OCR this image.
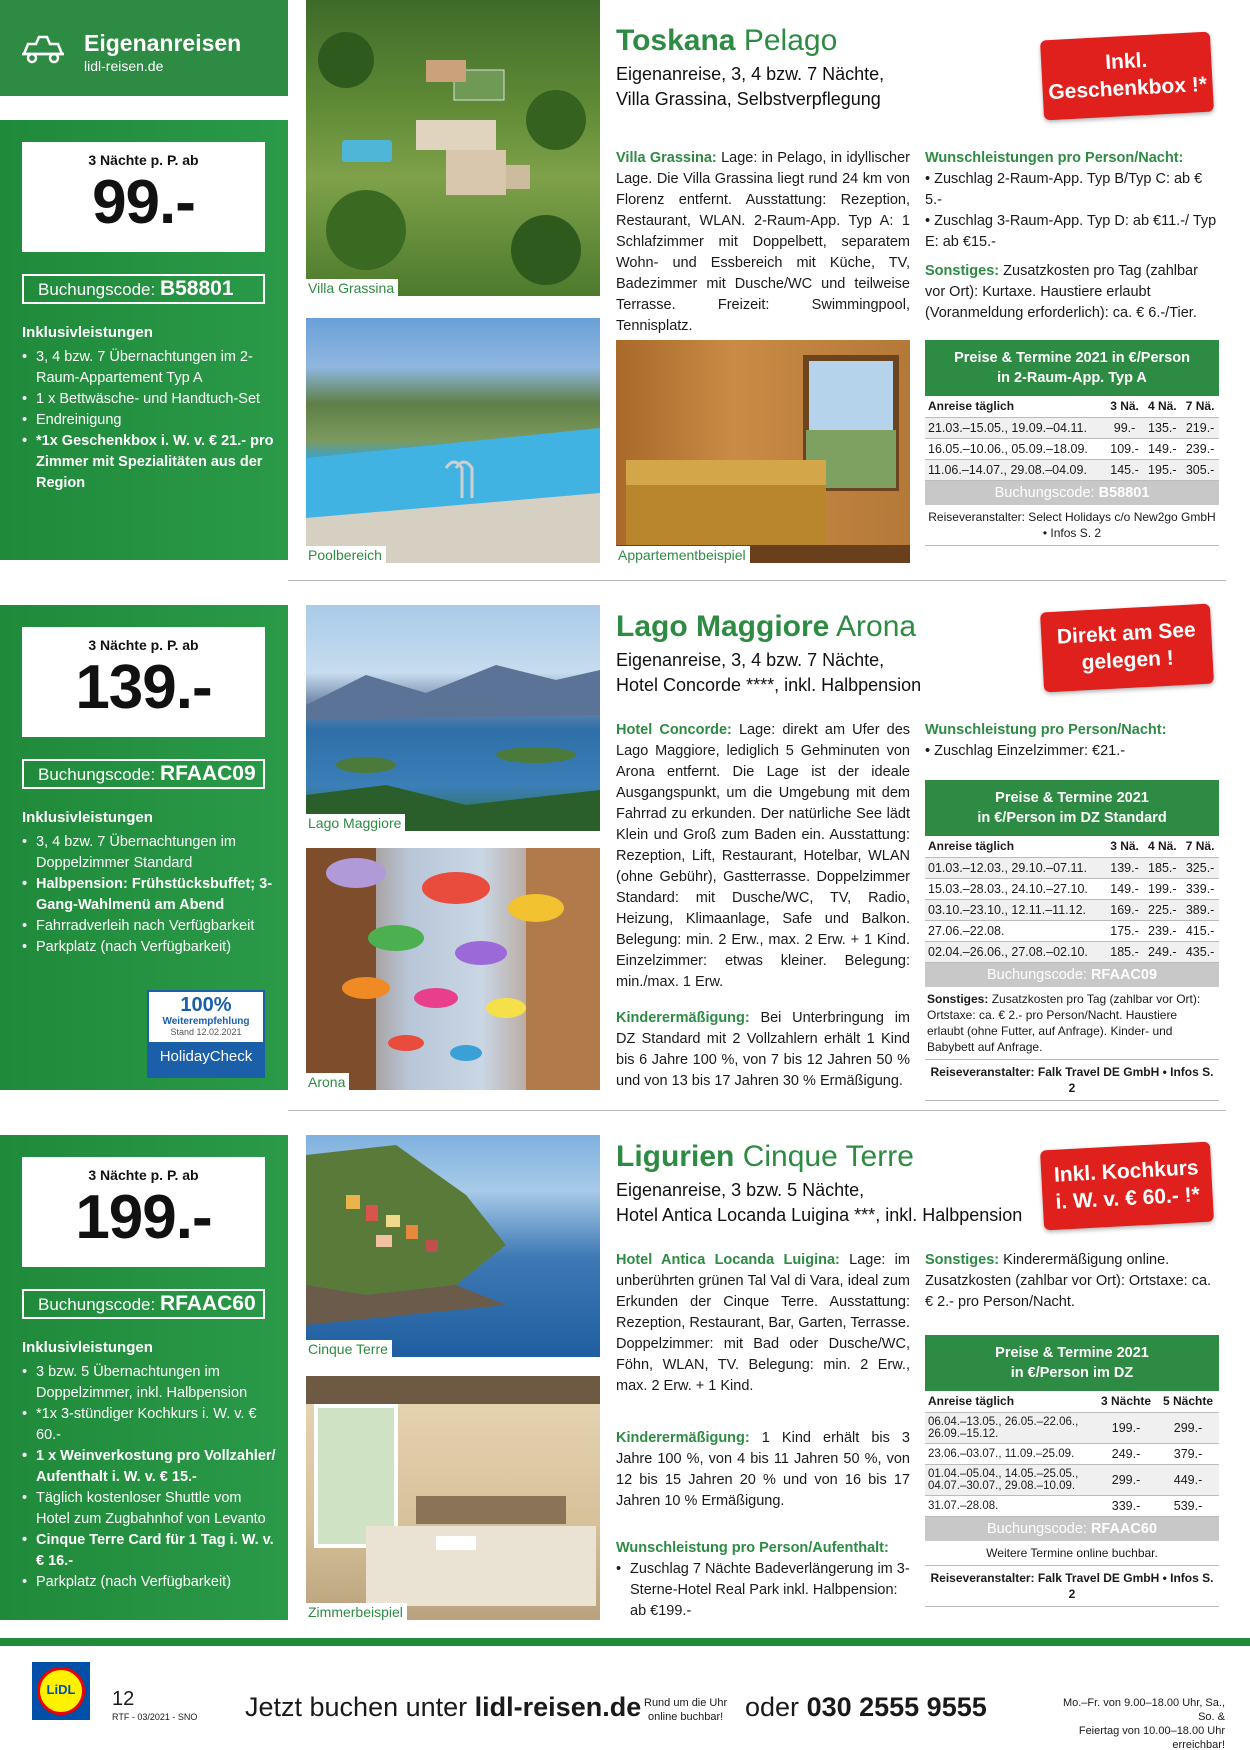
Eigenanreisen
lidl-reisen.de
3 Nächte p. P. ab
99.-
Buchungscode: B58801
Inklusivleistungen
• 3, 4 bzw. 7 Übernachtungen im 2-Raum-Appartement Typ A
• 1 x Bettwäsche- und Handtuch-Set
• Endreinigung
• *1x Geschenkbox i. W. v. € 21.- pro Zimmer mit Spezialitäten aus der Region
Villa Grassina
Poolbereich	Appartementbeispiel
Toskana Pelago
Eigenanreise, 3, 4 bzw. 7 Nächte,
Villa Grassina, Selbstverpflegung
Inkl.
Geschenkbox !*
Villa Grassina: Lage: in Pelago, in idyllischer Lage. Die Villa Grassina liegt rund 24 km von Florenz entfernt. Ausstattung: Rezeption, Restaurant, WLAN. 2-Raum-App. Typ A: 1 Schlafzimmer mit Doppelbett, separatem Wohn- und Essbereich mit Küche, TV, Badezimmer mit Dusche/WC und teilweise Terrasse. Freizeit: Swimmingpool, Tennisplatz.
Wunschleistungen pro Person/Nacht:
• Zuschlag 2-Raum-App. Typ B/Typ C: ab € 5.-
• Zuschlag 3-Raum-App. Typ D: ab €11.-/ Typ E: ab €15.-
Sonstiges: Zusatzkosten pro Tag (zahlbar vor Ort): Kurtaxe. Haustiere erlaubt (Voranmeldung erforderlich): ca. € 6.-/Tier.
Preise & Termine 2021 in €/Person
in 2-Raum-App. Typ A
Anreise täglich	3 Nä.	4 Nä.	7 Nä.
21.03.–15.05., 19.09.–04.11.	99.-	135.-	219.-
16.05.–10.06., 05.09.–18.09.	109.-	149.-	239.-
11.06.–14.07., 29.08.–04.09.	145.-	195.-	305.-
Buchungscode: B58801
Reiseveranstalter: Select Holidays c/o New2go GmbH • Infos S. 2
3 Nächte p. P. ab
139.-
Buchungscode: RFAAC09
Inklusivleistungen
• 3, 4 bzw. 7 Übernachtungen im Doppelzimmer Standard
• Halbpension: Frühstücksbuffet; 3-Gang-Wahlmenü am Abend
• Fahrradverleih nach Verfügbarkeit
• Parkplatz (nach Verfügbarkeit)
100%
Weiterempfehlung
Stand 12.02.2021
HolidayCheck
Lago Maggiore
Arona
Lago Maggiore Arona
Eigenanreise, 3, 4 bzw. 7 Nächte,
Hotel Concorde ****, inkl. Halbpension
Direkt am See
gelegen !
Hotel Concorde: Lage: direkt am Ufer des Lago Maggiore, lediglich 5 Gehminuten von Arona entfernt. Die Lage ist der ideale Ausgangspunkt, um die Umgebung mit dem Fahrrad zu erkunden. Der natürliche See lädt Klein und Groß zum Baden ein. Ausstattung: Rezeption, Lift, Restaurant, Hotelbar, WLAN (ohne Gebühr), Gastterrasse. Doppelzimmer Standard: mit Dusche/WC, TV, Radio, Heizung, Klimaanlage, Safe und Balkon. Belegung: min. 2 Erw., max. 2 Erw. + 1 Kind. Einzelzimmer: etwas kleiner. Belegung: min./max. 1 Erw.
Kinderermäßigung: Bei Unterbringung im DZ Standard mit 2 Vollzahlern erhält 1 Kind bis 6 Jahre 100 %, von 7 bis 12 Jahren 50 % und von 13 bis 17 Jahren 30 % Ermäßigung.
Wunschleistung pro Person/Nacht:
• Zuschlag Einzelzimmer: €21.-
Preise & Termine 2021
in €/Person im DZ Standard
Anreise täglich	3 Nä.	4 Nä.	7 Nä.
01.03.–12.03., 29.10.–07.11.	139.-	185.-	325.-
15.03.–28.03., 24.10.–27.10.	149.-	199.-	339.-
03.10.–23.10., 12.11.–11.12.	169.-	225.-	389.-
27.06.–22.08.	175.-	239.-	415.-
02.04.–26.06., 27.08.–02.10.	185.-	249.-	435.-
Buchungscode: RFAAC09
Sonstiges: Zusatzkosten pro Tag (zahlbar vor Ort): Ortstaxe: ca. € 2.- pro Person/Nacht. Haustiere erlaubt (ohne Futter, auf Anfrage). Kinder- und Babybett auf Anfrage.
Reiseveranstalter: Falk Travel DE GmbH • Infos S. 2
3 Nächte p. P. ab
199.-
Buchungscode: RFAAC60
Inklusivleistungen
• 3 bzw. 5 Übernachtungen im Doppelzimmer, inkl. Halbpension
• *1x 3-stündiger Kochkurs i. W. v. € 60.-
• 1 x Weinverkostung pro Vollzahler/ Aufenthalt i. W. v. € 15.-
• Täglich kostenloser Shuttle vom Hotel zum Zugbahnhof von Levanto
• Cinque Terre Card für 1 Tag i. W. v. € 16.-
• Parkplatz (nach Verfügbarkeit)
Cinque Terre
Zimmerbeispiel
Ligurien Cinque Terre
Eigenanreise, 3 bzw. 5 Nächte,
Hotel Antica Locanda Luigina ***, inkl. Halbpension
Inkl. Kochkurs
i. W. v. € 60.- !*
Hotel Antica Locanda Luigina: Lage: im unberührten grünen Tal Val di Vara, ideal zum Erkunden der Cinque Terre. Ausstattung: Rezeption, Restaurant, Bar, Garten, Terrasse. Doppelzimmer: mit Bad oder Dusche/WC, Föhn, WLAN, TV. Belegung: min. 2 Erw., max. 2 Erw. + 1 Kind.
Kinderermäßigung: 1 Kind erhält bis 3 Jahre 100 %, von 4 bis 11 Jahren 50 %, von 12 bis 15 Jahren 20 % und von 16 bis 17 Jahren 10 % Ermäßigung.
Wunschleistung pro Person/Aufenthalt:
• Zuschlag 7 Nächte Badeverlängerung im 3-Sterne-Hotel Real Park inkl. Halbpension: ab €199.-
Sonstiges: Kinderermäßigung online. Zusatzkosten (zahlbar vor Ort): Ortstaxe: ca. € 2.- pro Person/Nacht.
Preise & Termine 2021
in €/Person im DZ
Anreise täglich	3 Nächte	5 Nächte
06.04.–13.05., 26.05.–22.06., 26.09.–15.12.	199.-	299.-
23.06.–03.07., 11.09.–25.09.	249.-	379.-
01.04.–05.04., 14.05.–25.05., 04.07.–30.07., 29.08.–10.09.	299.-	449.-
31.07.–28.08.	339.-	539.-
Buchungscode: RFAAC60
Weitere Termine online buchbar.
Reiseveranstalter: Falk Travel DE GmbH • Infos S. 2
LiDL	12
RTF - 03/2021 - SNO Jetzt buchen unter lidl-reisen.de Rund um die Uhr
online buchbar! oder 030 2555 9555	Mo.–Fr. von 9.00–18.00 Uhr, Sa., So. &
Feiertag von 10.00–18.00 Uhr erreichbar!
